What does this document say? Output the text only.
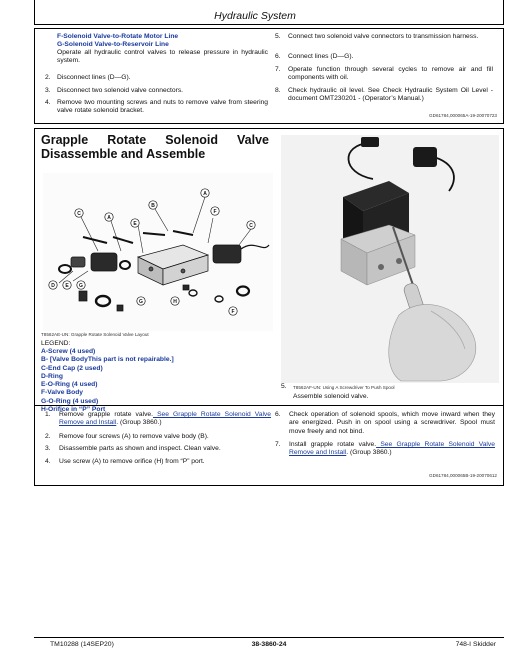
Hydraulic System
F-Solenoid Valve-to-Rotate Motor Line
G-Solenoid Valve-to-Reservoir Line
Operate all hydraulic control valves to release pressure in hydraulic system.
2. Disconnect lines (D—G).
3. Disconnect two solenoid valve connectors.
4. Remove two mounting screws and nuts to remove valve from steering valve rotate solenoid bracket.
5. Connect two solenoid valve connectors to transmission harness.
6. Connect lines (D—G).
7. Operate function through several cycles to remove air and fill components with oil.
8. Check hydraulic oil level. See Check Hydraulic System Oil Level - document OMT230201 - (Operator’s Manual.)
GD61784,000065A-19-20070723
Grapple Rotate Solenoid Valve
Disassemble and Assemble
A
B
F
C
A
E	C
D E G
H
G
F
T8562AE-UN: Grapple Rotate Solenoid Valve Layout
LEGEND:
A-Screw (4 used)
B- [Valve BodyThis part is not repairable.]
C-End Cap (2 used)
D-Ring
E-O-Ring (4 used)
F-Valve Body
G-O-Ring (4 used)
H-Orifice in “P” Port
5. T8562AF-UN: Using A Screwdriver To Push Spool
Assemble solenoid valve.
1. Remove grapple rotate valve. See Grapple Rotate Solenoid Valve Remove and Install. (Group 3860.)
2. Remove four screws (A) to remove valve body (B).
3. Disassemble parts as shown and inspect. Clean valve.
4. Use screw (A) to remove orifice (H) from “P” port.
6. Check operation of solenoid spools, which move inward when they are energized. Push in on spool using a screwdriver. Spool must move freely and not bind.
7. Install grapple rotate valve. See Grapple Rotate Solenoid Valve Remove and Install. (Group 3860.)
GD61784,000065B-19-20070612
TM10288 (14SEP20)	38-3860-24	748-I Skidder
